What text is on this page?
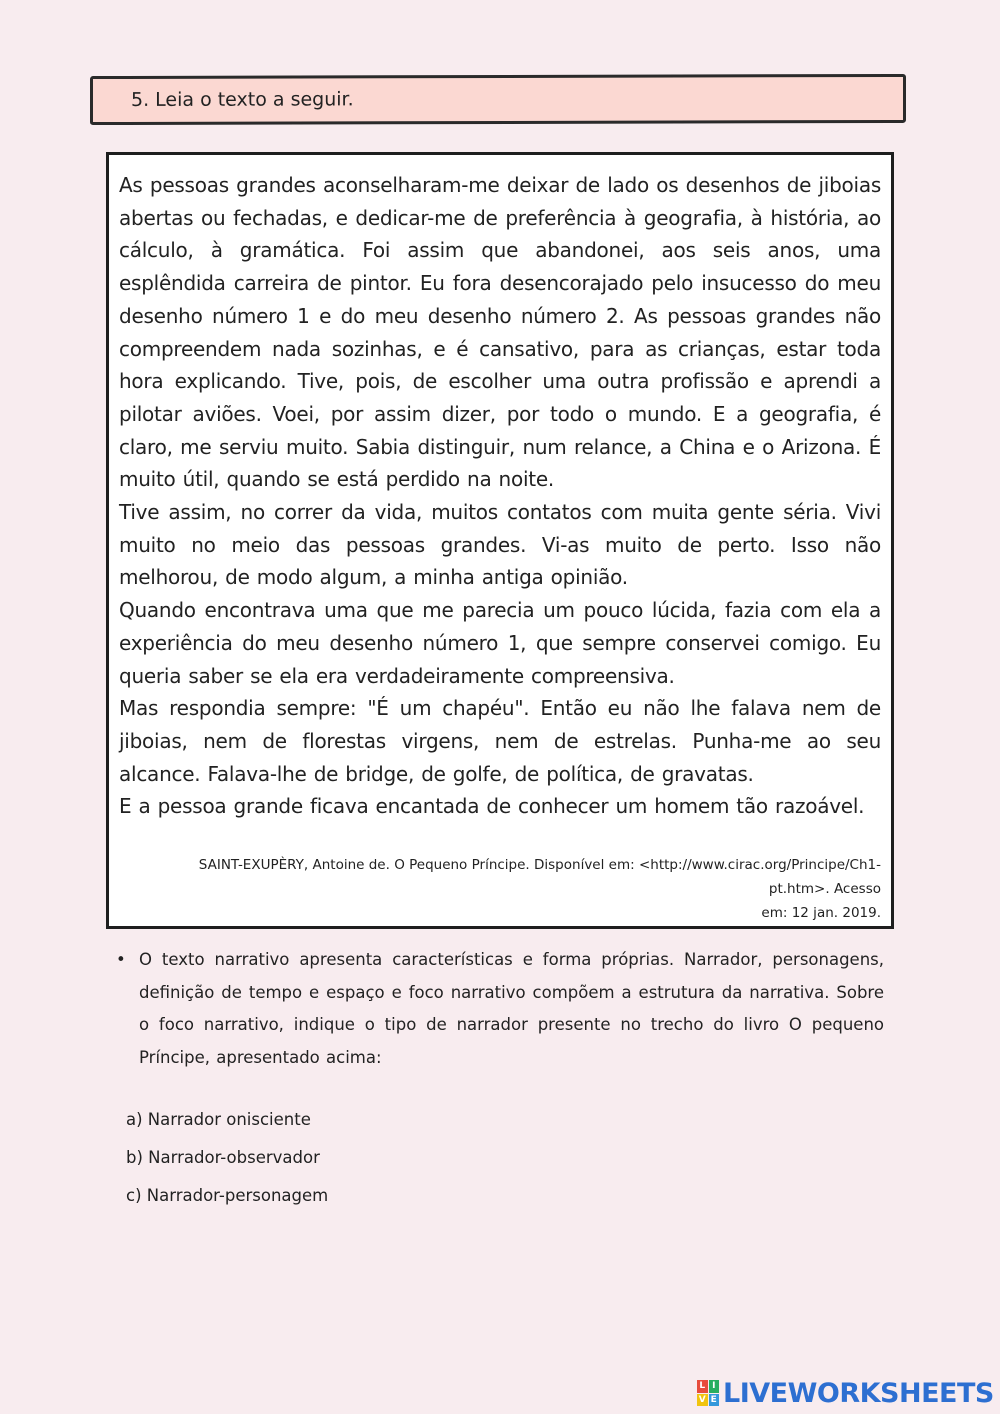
5. Leia o texto a seguir.

As pessoas grandes aconselharam-me deixar de lado os desenhos de jiboias abertas ou fechadas, e dedicar-me de preferência à geografia, à história, ao cálculo, à gramática. Foi assim que abandonei, aos seis anos, uma esplêndida carreira de pintor. Eu fora desencorajado pelo insucesso do meu desenho número 1 e do meu desenho número 2. As pessoas grandes não compreendem nada sozinhas, e é cansativo, para as crianças, estar toda hora explicando. Tive, pois, de escolher uma outra profissão e aprendi a pilotar aviões. Voei, por assim dizer, por todo o mundo. E a geografia, é claro, me serviu muito. Sabia distinguir, num relance, a China e o Arizona. É muito útil, quando se está perdido na noite.

Tive assim, no correr da vida, muitos contatos com muita gente séria. Vivi muito no meio das pessoas grandes. Vi-as muito de perto. Isso não melhorou, de modo algum, a minha antiga opinião.

Quando encontrava uma que me parecia um pouco lúcida, fazia com ela a experiência do meu desenho número 1, que sempre conservei comigo. Eu queria saber se ela era verdadeiramente compreensiva.

Mas respondia sempre: "É um chapéu". Então eu não lhe falava nem de jiboias, nem de florestas virgens, nem de estrelas. Punha-me ao seu alcance. Falava-lhe de bridge, de golfe, de política, de gravatas.

E a pessoa grande ficava encantada de conhecer um homem tão razoável.

SAINT-EXUPÈRY, Antoine de. O Pequeno Príncipe. Disponível em: <http://www.cirac.org/Principe/Ch1-
pt.htm>. Acesso
em: 12 jan. 2019.
• O texto narrativo apresenta características e forma próprias. Narrador, personagens, definição de tempo e espaço e foco narrativo compõem a estrutura da narrativa. Sobre o foco narrativo, indique o tipo de narrador presente no trecho do livro O pequeno Príncipe, apresentado acima:
a) Narrador onisciente
b) Narrador-observador
c) Narrador-personagem
L I
V E LIVEWORKSHEETS
